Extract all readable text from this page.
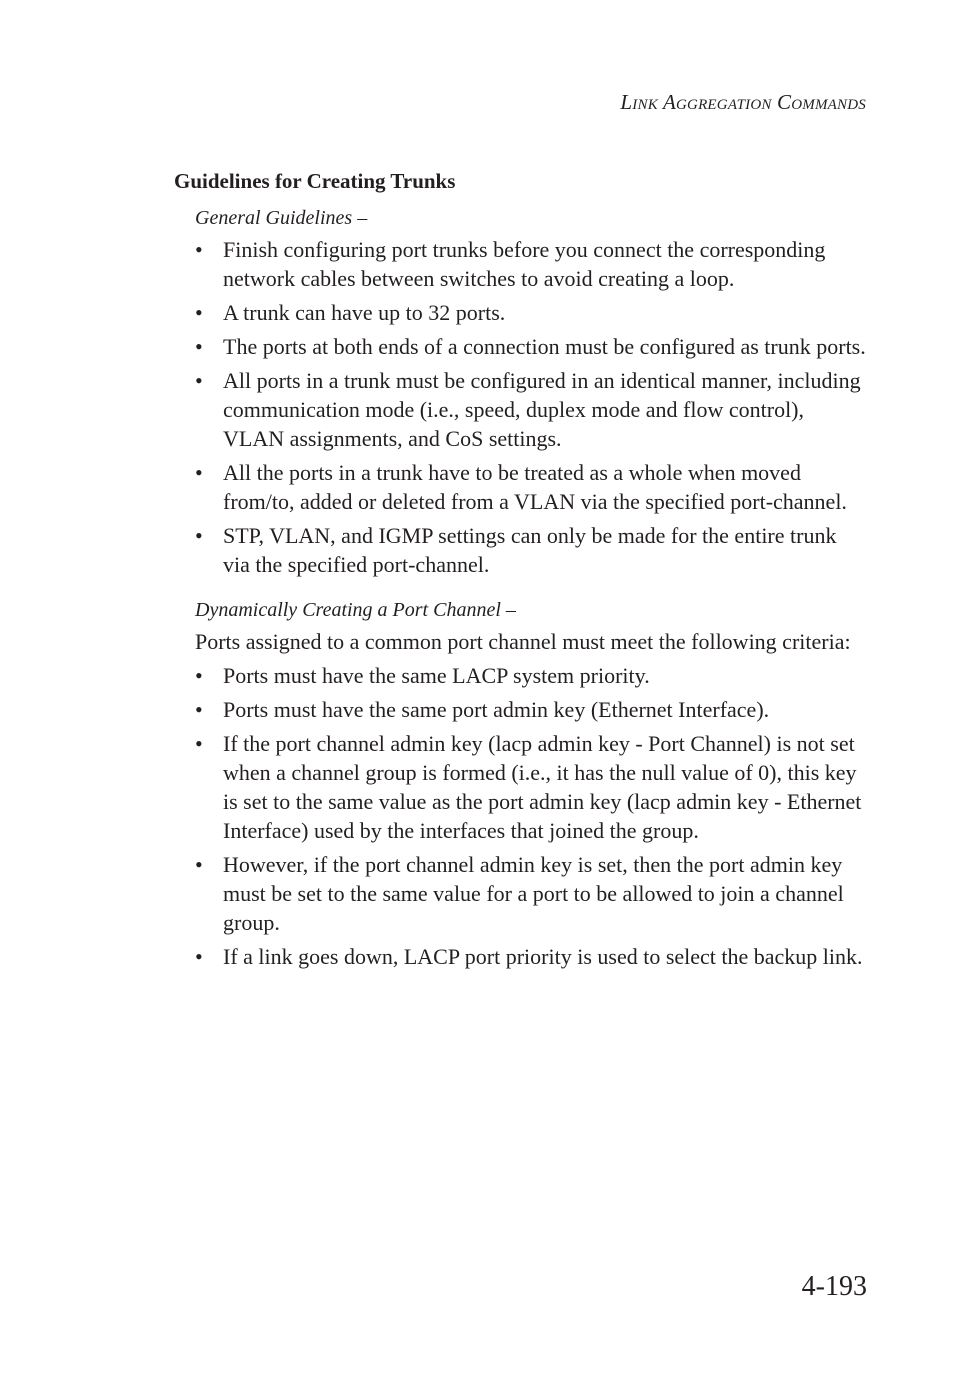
Link Aggregation Commands
Guidelines for Creating Trunks
General Guidelines –
• Finish configuring port trunks before you connect the corresponding network cables between switches to avoid creating a loop.
• A trunk can have up to 32 ports.
• The ports at both ends of a connection must be configured as trunk ports.
• All ports in a trunk must be configured in an identical manner, including communication mode (i.e., speed, duplex mode and flow control), VLAN assignments, and CoS settings.
• All the ports in a trunk have to be treated as a whole when moved from/to, added or deleted from a VLAN via the specified port-channel.
• STP, VLAN, and IGMP settings can only be made for the entire trunk via the specified port-channel.
Dynamically Creating a Port Channel –
Ports assigned to a common port channel must meet the following criteria:
• Ports must have the same LACP system priority.
• Ports must have the same port admin key (Ethernet Interface).
• If the port channel admin key (lacp admin key - Port Channel) is not set when a channel group is formed (i.e., it has the null value of 0), this key is set to the same value as the port admin key (lacp admin key - Ethernet Interface) used by the interfaces that joined the group.
• However, if the port channel admin key is set, then the port admin key must be set to the same value for a port to be allowed to join a channel group.
• If a link goes down, LACP port priority is used to select the backup link.
4-193
